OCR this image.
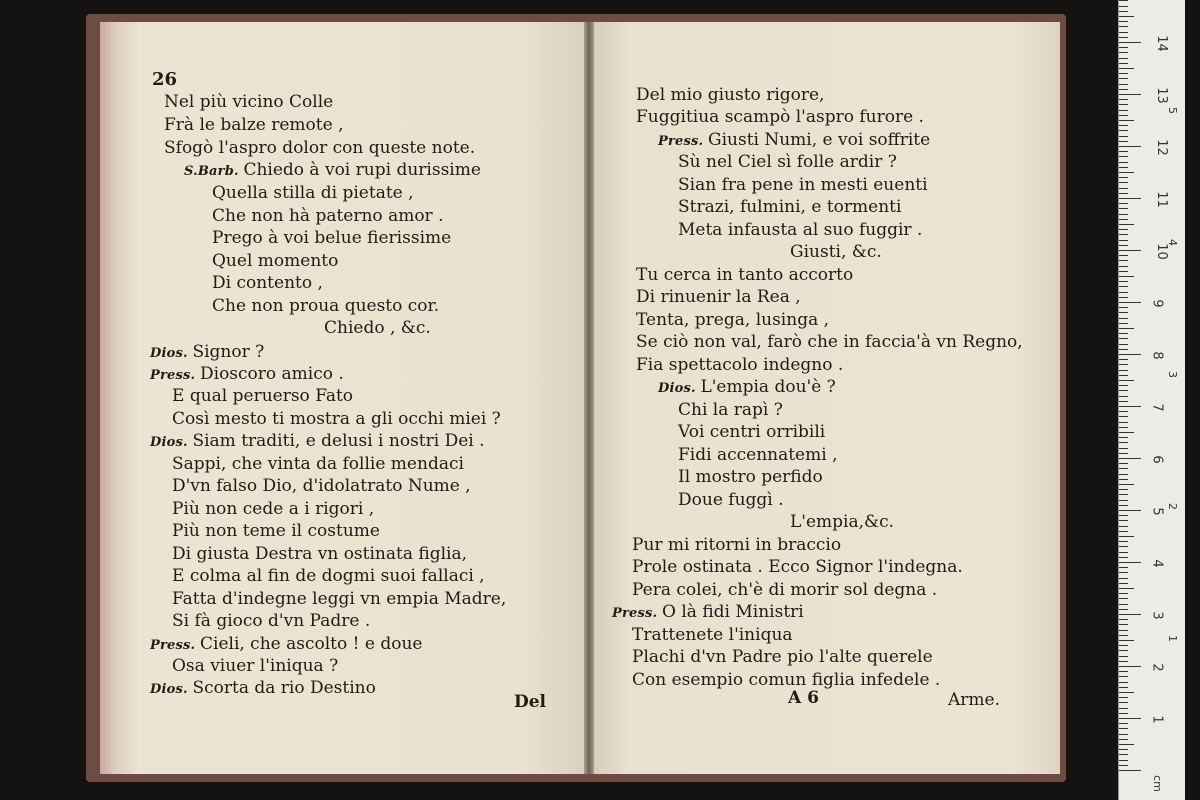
26
Nel più vicino Colle
Frà le balze remote ,
Sfogò l'aspro dolor con queste note.
S.Barb. Chiedo à voi rupi durissime
Quella stilla di pietate ,
Che non hà paterno amor .
Prego à voi belue fierissime
Quel momento
Di contento ,
Che non proua questo cor.
Chiedo , &c.
Dios. Signor ?
Press. Dioscoro amico .
E qual peruerso Fato
Così mesto ti mostra a gli occhi miei ?
Dios. Siam traditi, e delusi i nostri Dei .
Sappi, che vinta da follie mendaci
D'vn falso Dio, d'idolatrato Nume ,
Più non cede a i rigori ,
Più non teme il costume
Di giusta Destra vn ostinata figlia,
E colma al fin de dogmi suoi fallaci ,
Fatta d'indegne leggi vn empia Madre,
Si fà gioco d'vn Padre .
Press. Cieli, che ascolto ! e doue
Osa viuer l'iniqua ?
Dios. Scorta da rio Destino
Del mio giusto rigore,
Fuggitiua scampò l'aspro furore .
Press. Giusti Numi, e voi soffrite
Sù nel Ciel sì folle ardir ?
Sian fra pene in mesti euenti
Strazi, fulmini, e tormenti
Meta infausta al suo fuggir .
Giusti, &c.
Tu cerca in tanto accorto
Di rinuenir la Rea ,
Tenta, prega, lusinga ,
Se ciò non val, farò che in faccia'à vn Regno,
Fia spettacolo indegno .
Dios. L'empia dou'è ?
Chi la rapì ?
Voi centri orribili
Fidi accennatemi ,
Il mostro perfido
Doue fuggì .
L'empia,&c.
Pur mi ritorni in braccio
Prole ostinata . Ecco Signor l'indegna.
Pera colei, ch'è di morir sol degna .
Press. O là fidi Ministri
Trattenete l'iniqua
Plachi d'vn Padre pio l'alte querele
Con esempio comun figlia infedele .
Del	A 6	Arme.
cm
14
13
12
11
10
9
8
7
6
5
4
3
2
1
5
4
3
2
1
